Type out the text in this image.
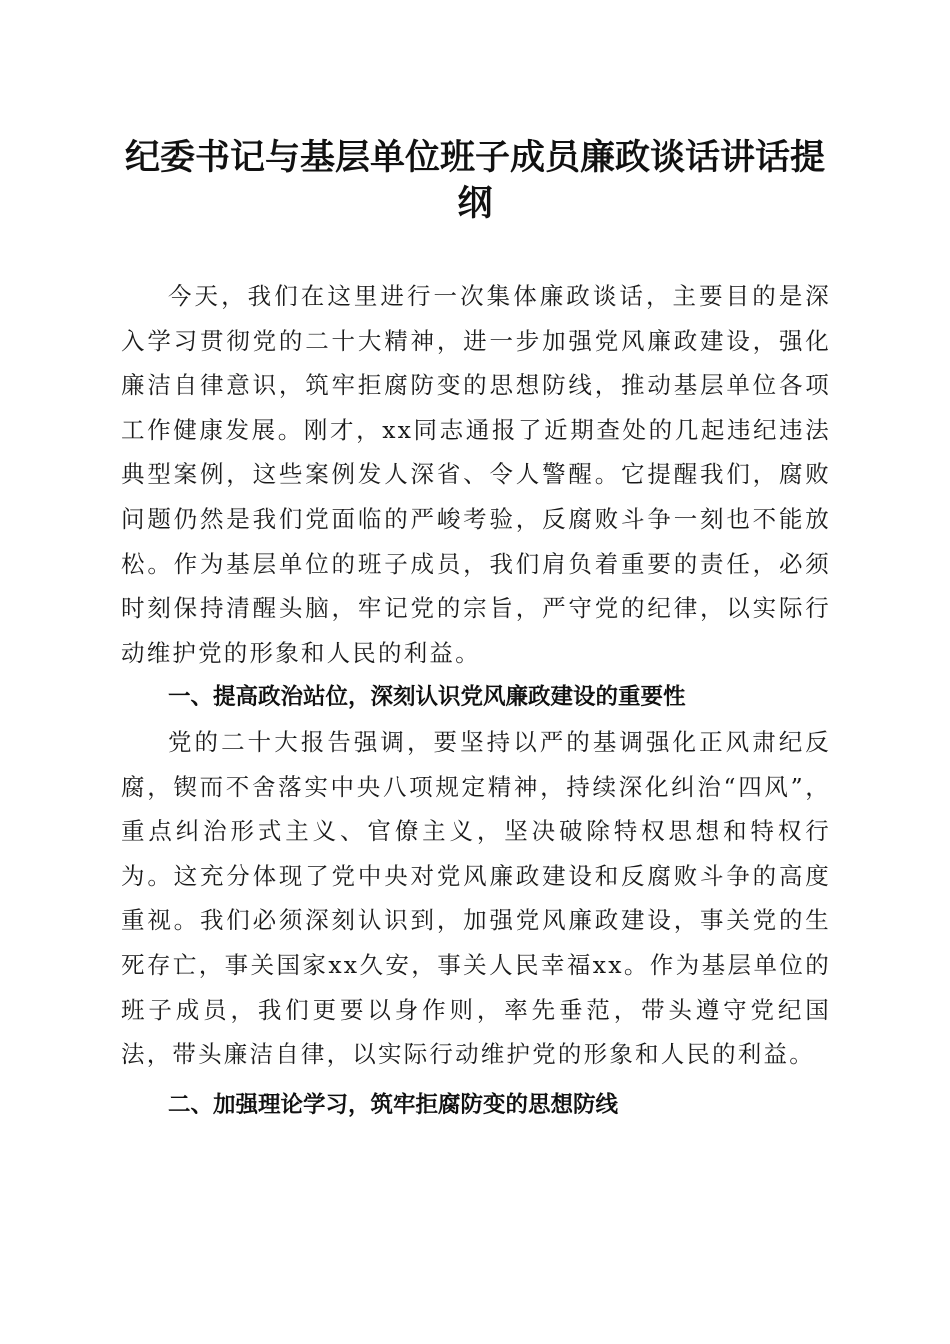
纪委书记与基层单位班子成员廉政谈话讲话提
纲

今天，我们在这里进行一次集体廉政谈话，主要目的是深入学习贯彻党的二十大精神，进一步加强党风廉政建设，强化廉洁自律意识，筑牢拒腐防变的思想防线，推动基层单位各项工作健康发展。刚才，xx同志通报了近期查处的几起违纪违法典型案例，这些案例发人深省、令人警醒。它提醒我们，腐败问题仍然是我们党面临的严峻考验，反腐败斗争一刻也不能放松。作为基层单位的班子成员，我们肩负着重要的责任，必须时刻保持清醒头脑，牢记党的宗旨，严守党的纪律，以实际行动维护党的形象和人民的利益。

一、提高政治站位，深刻认识党风廉政建设的重要性

党的二十大报告强调，要坚持以严的基调强化正风肃纪反腐，锲而不舍落实中央八项规定精神，持续深化纠治“四风”，重点纠治形式主义、官僚主义，坚决破除特权思想和特权行为。这充分体现了党中央对党风廉政建设和反腐败斗争的高度重视。我们必须深刻认识到，加强党风廉政建设，事关党的生死存亡，事关国家xx久安，事关人民幸福xx。作为基层单位的班子成员，我们更要以身作则，率先垂范，带头遵守党纪国法，带头廉洁自律，以实际行动维护党的形象和人民的利益。

二、加强理论学习，筑牢拒腐防变的思想防线
